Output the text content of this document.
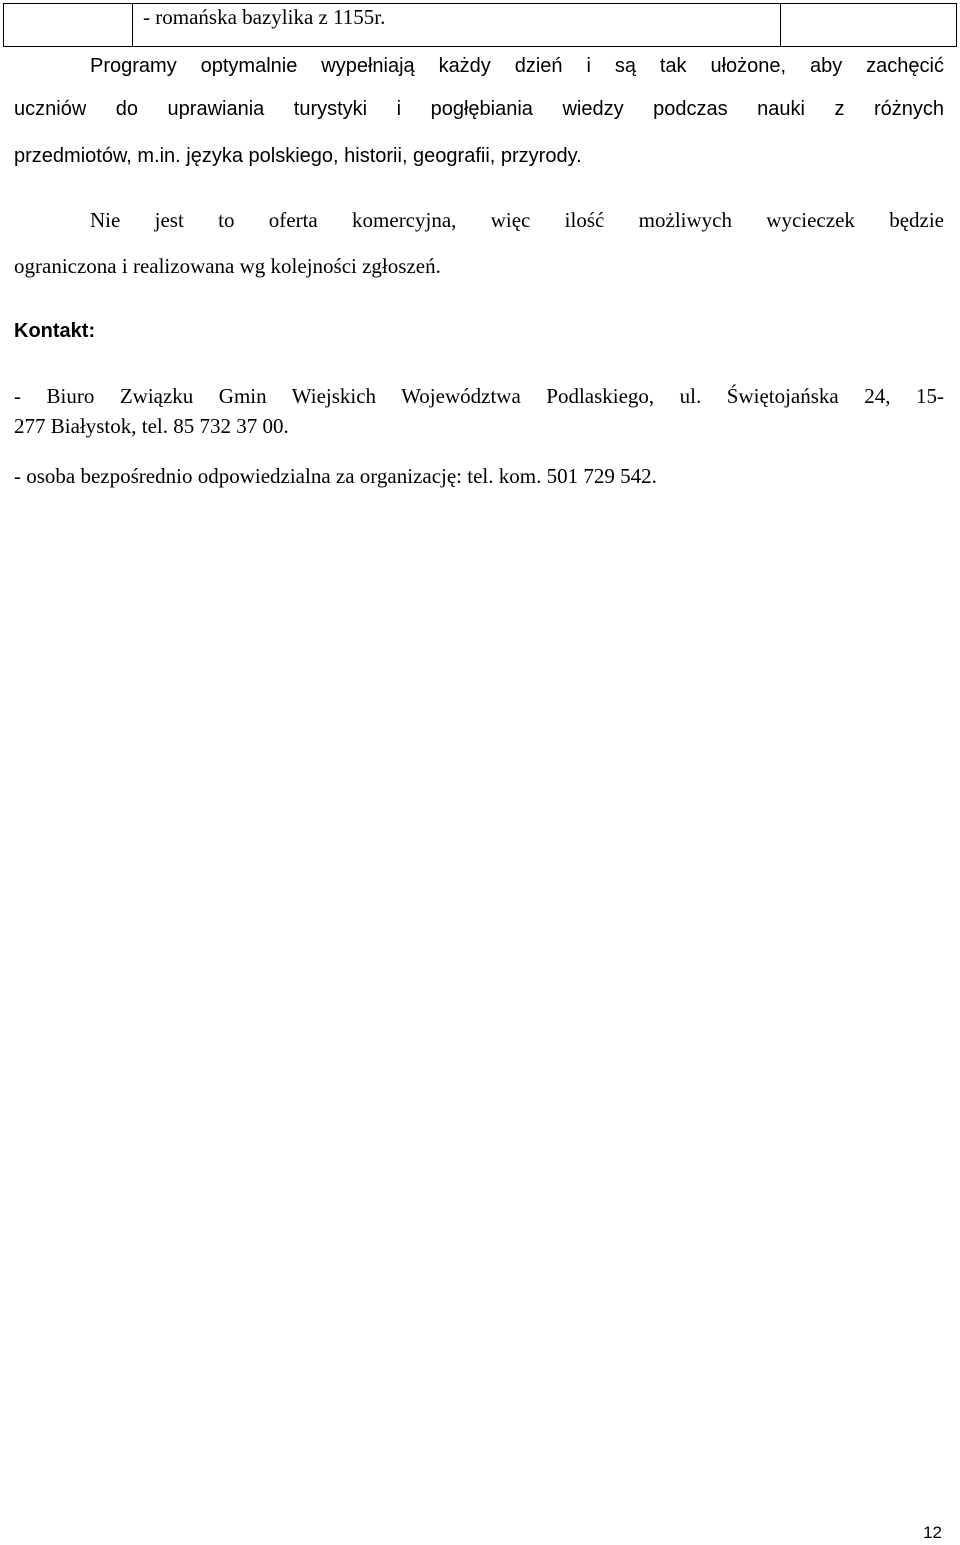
	- romańska bazylika z 1155r.	
Programy optymalnie wypełniają każdy dzień i są tak ułożone, aby zachęcić
uczniów do uprawiania turystyki i pogłębiania wiedzy podczas nauki z różnych
przedmiotów, m.in. języka polskiego, historii, geografii, przyrody.
Nie jest to oferta komercyjna, więc ilość możliwych wycieczek będzie
ograniczona i realizowana wg kolejności zgłoszeń.
Kontakt:
- Biuro Związku Gmin Wiejskich Województwa Podlaskiego, ul. Świętojańska 24, 15-
277 Białystok, tel. 85 732 37 00.
- osoba bezpośrednio odpowiedzialna za organizację: tel. kom. 501 729 542.
12
